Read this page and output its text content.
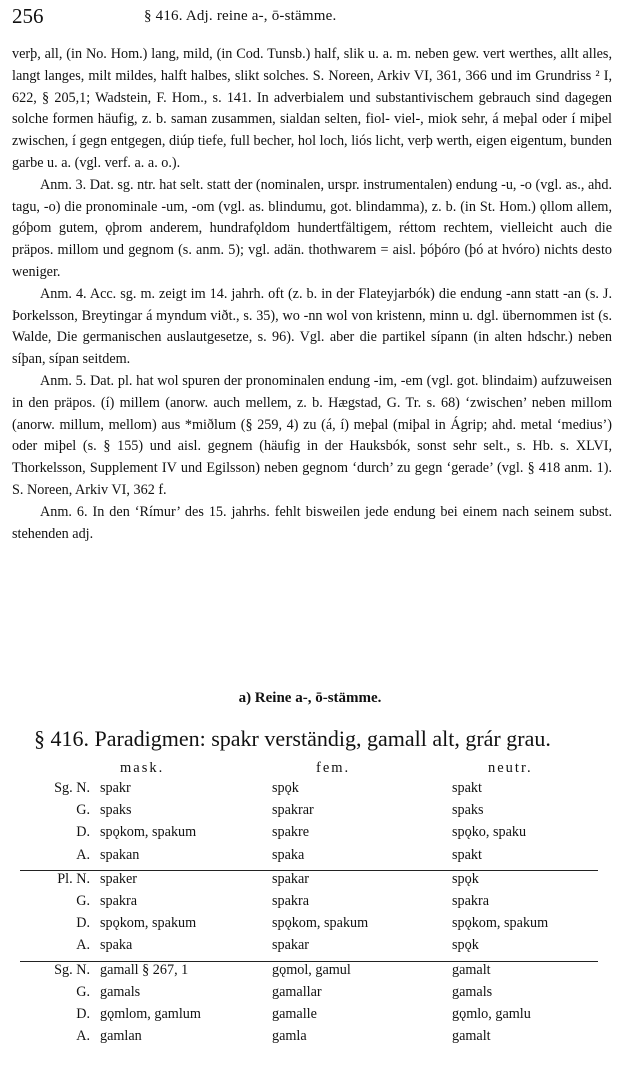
256	§ 416. Adj. reine a-, ō-stämme.

verþ, all, (in No. Hom.) lang, mild, (in Cod. Tunsb.) half, slik u. a. m. neben gew. vert werthes, allt alles, langt langes, milt mildes, halft halbes, slikt solches. S. Noreen, Arkiv VI, 361, 366 und im Grundriss ² I, 622, § 205,1; Wadstein, F. Hom., s. 141. In adverbialem und substantivischem gebrauch sind dagegen solche formen häufig, z. b. saman zusammen, sialdan selten, fiol- viel-, miok sehr, á meþal oder í miþel zwischen, í gegn entgegen, diúp tiefe, full becher, hol loch, liós licht, verþ werth, eigen eigentum, bunden garbe u. a. (vgl. verf. a. a. o.).

Anm. 3. Dat. sg. ntr. hat selt. statt der (nominalen, urspr. instrumentalen) endung -u, -o (vgl. as., ahd. tagu, -o) die pronominale -um, -om (vgl. as. blindumu, got. blindamma), z. b. (in St. Hom.) ǫllom allem, góþom gutem, ǫþrom anderem, hundrafǫldom hundertfältigem, réttom rechtem, vielleicht auch die präpos. millom und gegnom (s. anm. 5); vgl. adän. thothwarem = aisl. þóþóro (þó at hvóro) nichts desto weniger.

Anm. 4. Acc. sg. m. zeigt im 14. jahrh. oft (z. b. in der Flateyjarbók) die endung -ann statt -an (s. J. Þorkelsson, Breytingar á myndum viðt., s. 35), wo -nn wol von kristenn, minn u. dgl. übernommen ist (s. Walde, Die germanischen auslautgesetze, s. 96). Vgl. aber die partikel sípann (in alten hdschr.) neben síþan, sípan seitdem.

Anm. 5. Dat. pl. hat wol spuren der pronominalen endung -im, -em (vgl. got. blindaim) aufzuweisen in den präpos. (í) millem (anorw. auch mellem, z. b. Hægstad, G. Tr. s. 68) ‘zwischen’ neben millom (anorw. millum, mellom) aus *miðlum (§ 259, 4) zu (á, í) meþal (miþal in Ágrip; ahd. metal ‘medius’) oder miþel (s. § 155) und aisl. gegnem (häufig in der Hauksbók, sonst sehr selt., s. Hb. s. XLVI, Thorkelsson, Supplement IV und Egilsson) neben gegnom ‘durch’ zu gegn ‘gerade’ (vgl. § 418 anm. 1). S. Noreen, Arkiv VI, 362 f.

Anm. 6. In den ‘Rímur’ des 15. jahrhs. fehlt bisweilen jede endung bei einem nach seinem subst. stehenden adj.

a) Reine a-, ō-stämme.
§ 416. Paradigmen: spakr verständig, gamall alt, grár grau.
mask.	fem.	neutr.
Sg. N. spakr	spǫk	spakt
G. spaks	spakrar	spaks
D. spǫkom, spakum	spakre	spǫko, spaku
A. spakan	spaka	spakt
Pl. N. spaker	spakar	spǫk
G. spakra	spakra	spakra
D. spǫkom, spakum	spǫkom, spakum	spǫkom, spakum
A. spaka	spakar	spǫk
Sg. N. gamall § 267, 1	gǫmol, gamul	gamalt
G. gamals	gamallar	gamals
D. gǫmlom, gamlum	gamalle	gǫmlo, gamlu
A. gamlan	gamla	gamalt
